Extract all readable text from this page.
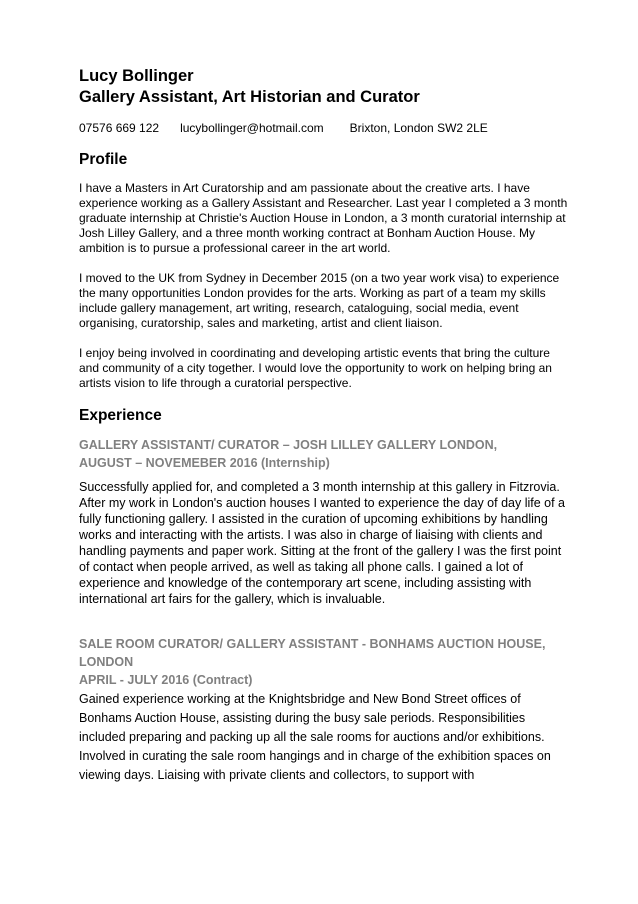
Lucy Bollinger

Gallery Assistant, Art Historian and Curator

07576 669 122 lucybollinger@hotmail.com Brixton, London SW2 2LE
Profile

I have a Masters in Art Curatorship and am passionate about the creative arts. I have experience working as a Gallery Assistant and Researcher. Last year I completed a 3 month graduate internship at Christie's Auction House in London, a 3 month curatorial internship at Josh Lilley Gallery, and a three month working contract at Bonham Auction House. My ambition is to pursue a professional career in the art world.

I moved to the UK from Sydney in December 2015 (on a two year work visa) to experience the many opportunities London provides for the arts. Working as part of a team my skills include gallery management, art writing, research, cataloguing, social media, event organising, curatorship, sales and marketing, artist and client liaison.

I enjoy being involved in coordinating and developing artistic events that bring the culture and community of a city together. I would love the opportunity to work on helping bring an artists vision to life through a curatorial perspective.

Experience

GALLERY ASSISTANT/ CURATOR – JOSH LILLEY GALLERY LONDON,

AUGUST – NOVEMEBER 2016 (Internship)

Successfully applied for, and completed a 3 month internship at this gallery in Fitzrovia. After my work in London's auction houses I wanted to experience the day of day life of a fully functioning gallery. I assisted in the curation of upcoming exhibitions by handling works and interacting with the artists. I was also in charge of liaising with clients and handling payments and paper work. Sitting at the front of the gallery I was the first point of contact when people arrived, as well as taking all phone calls. I gained a lot of experience and knowledge of the contemporary art scene, including assisting with international art fairs for the gallery, which is invaluable.

SALE ROOM CURATOR/ GALLERY ASSISTANT - BONHAMS AUCTION HOUSE, LONDON

APRIL - JULY 2016 (Contract)

Gained experience working at the Knightsbridge and New Bond Street offices of Bonhams Auction House, assisting during the busy sale periods. Responsibilities included preparing and packing up all the sale rooms for auctions and/or exhibitions. Involved in curating the sale room hangings and in charge of the exhibition spaces on viewing days. Liaising with private clients and collectors, to support with
